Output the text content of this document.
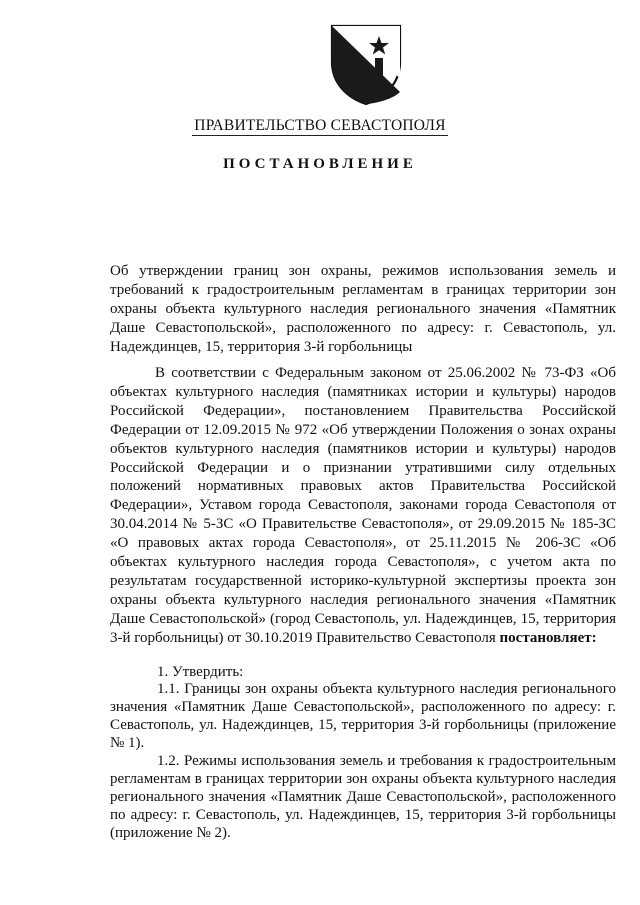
ПРАВИТЕЛЬСТВО СЕВАСТОПОЛЯ
ПОСТАНОВЛЕНИЕ
Об утверждении границ зон охраны, режимов использования земель и требований к градостроительным регламентам в границах территории зон охраны объекта культурного наследия регионального значения «Памятник Даше Севастопольской», расположенного по адресу: г. Севастополь, ул. Надеждинцев, 15, территория 3-й горбольницы
В соответствии с Федеральным законом от 25.06.2002 № 73-ФЗ «Об объектах культурного наследия (памятниках истории и культуры) народов Российской Федерации», постановлением Правительства Российской Федерации от 12.09.2015 № 972 «Об утверждении Положения о зонах охраны объектов культурного наследия (памятников истории и культуры) народов Российской Федерации и о признании утратившими силу отдельных положений нормативных правовых актов Правительства Российской Федерации», Уставом города Севастополя, законами города Севастополя от 30.04.2014 № 5-ЗС «О Правительстве Севастополя», от 29.09.2015 № 185-ЗС «О правовых актах города Севастополя», от 25.11.2015 № 206-ЗС «Об объектах культурного наследия города Севастополя», с учетом акта по результатам государственной историко-культурной экспертизы проекта зон охраны объекта культурного наследия регионального значения «Памятник Даше Севастопольской» (город Севастополь, ул. Надеждинцев, 15, территория 3-й горбольницы) от 30.10.2019 Правительство Севастополя постановляет:
1. Утвердить:
1.1. Границы зон охраны объекта культурного наследия регионального значения «Памятник Даше Севастопольской», расположенного по адресу: г. Севастополь, ул. Надеждинцев, 15, территория 3-й горбольницы (приложение № 1).
1.2. Режимы использования земель и требования к градостроительным регламентам в границах территории зон охраны объекта культурного наследия регионального значения «Памятник Даше Севастопольской», расположенного по адресу: г. Севастополь, ул. Надеждинцев, 15, территория 3-й горбольницы (приложение № 2).
